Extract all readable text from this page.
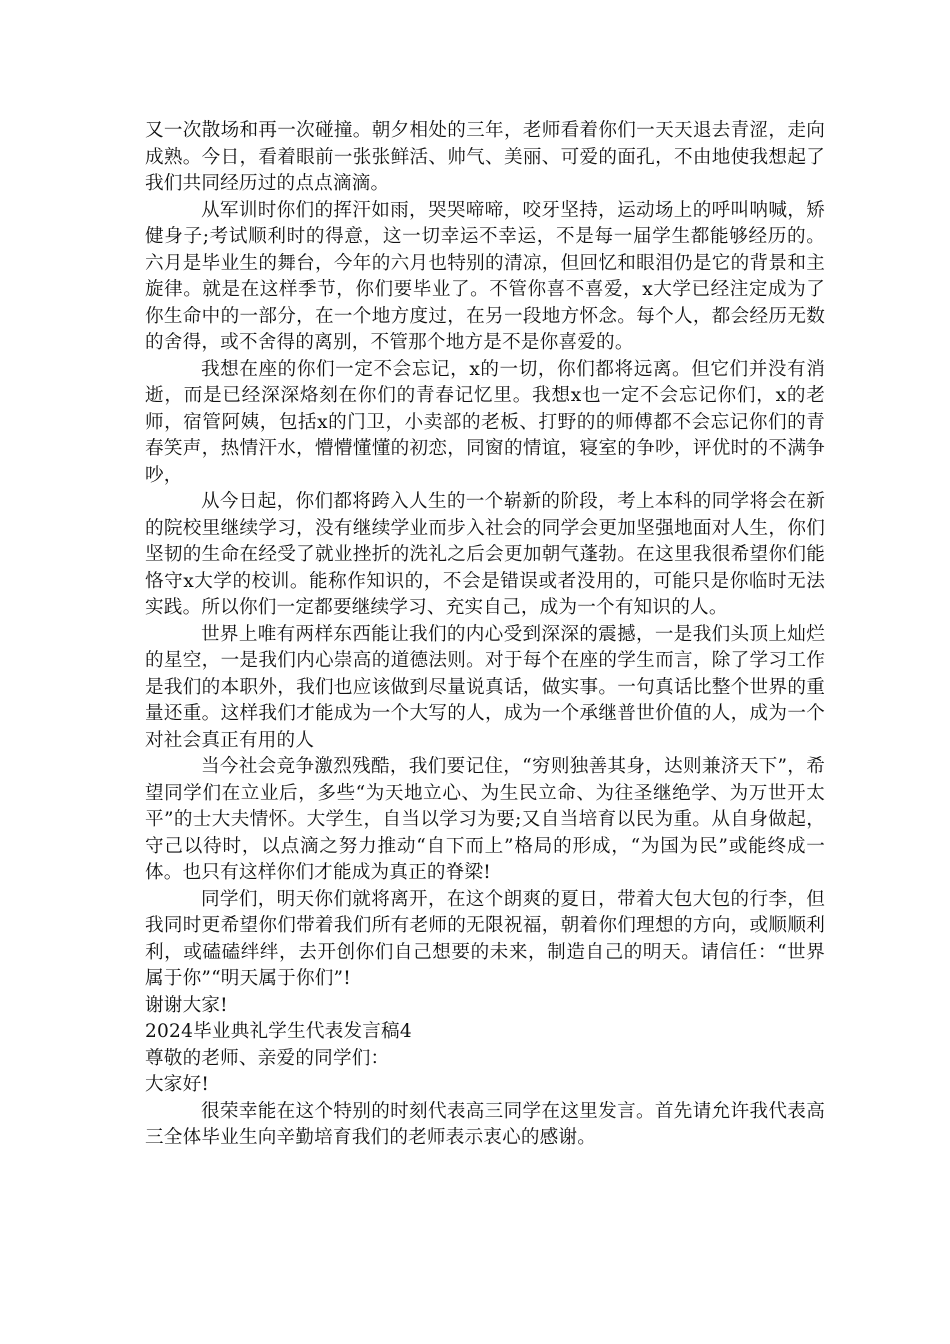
又一次散场和再一次碰撞。朝夕相处的三年，老师看着你们一天天退去青涩，走向成熟。今日，看着眼前一张张鲜活、帅气、美丽、可爱的面孔，不由地使我想起了我们共同经历过的点点滴滴。

从军训时你们的挥汗如雨，哭哭啼啼，咬牙坚持，运动场上的呼叫呐喊，矫健身子;考试顺利时的得意，这一切幸运不幸运，不是每一届学生都能够经历的。六月是毕业生的舞台，今年的六月也特别的清凉，但回忆和眼泪仍是它的背景和主旋律。就是在这样季节，你们要毕业了。不管你喜不喜爱，x大学已经注定成为了你生命中的一部分，在一个地方度过，在另一段地方怀念。每个人，都会经历无数的舍得，或不舍得的离别，不管那个地方是不是你喜爱的。

我想在座的你们一定不会忘记，x的一切，你们都将远离。但它们并没有消逝，而是已经深深烙刻在你们的青春记忆里。我想x也一定不会忘记你们，x的老师，宿管阿姨，包括x的门卫，小卖部的老板、打野的的师傅都不会忘记你们的青春笑声，热情汗水，懵懵懂懂的初恋，同窗的情谊，寝室的争吵，评优时的不满争吵，

从今日起，你们都将跨入人生的一个崭新的阶段，考上本科的同学将会在新的院校里继续学习，没有继续学业而步入社会的同学会更加坚强地面对人生，你们坚韧的生命在经受了就业挫折的洗礼之后会更加朝气蓬勃。在这里我很希望你们能恪守x大学的校训。能称作知识的，不会是错误或者没用的，可能只是你临时无法实践。所以你们一定都要继续学习、充实自己，成为一个有知识的人。

世界上唯有两样东西能让我们的内心受到深深的震撼，一是我们头顶上灿烂的星空，一是我们内心崇高的道德法则。对于每个在座的学生而言，除了学习工作是我们的本职外，我们也应该做到尽量说真话，做实事。一句真话比整个世界的重量还重。这样我们才能成为一个大写的人，成为一个承继普世价值的人，成为一个对社会真正有用的人

当今社会竞争激烈残酷，我们要记住，“穷则独善其身，达则兼济天下”，希望同学们在立业后，多些“为天地立心、为生民立命、为往圣继绝学、为万世开太平”的士大夫情怀。大学生，自当以学习为要;又自当培育以民为重。从自身做起，守己以待时，以点滴之努力推动“自下而上”格局的形成，“为国为民”或能终成一体。也只有这样你们才能成为真正的脊梁!

同学们，明天你们就将离开，在这个朗爽的夏日，带着大包大包的行李，但我同时更希望你们带着我们所有老师的无限祝福，朝着你们理想的方向，或顺顺利利，或磕磕绊绊，去开创你们自己想要的未来，制造自己的明天。请信任：“世界属于你”“明天属于你们”!

谢谢大家!

2024毕业典礼学生代表发言稿4

尊敬的老师、亲爱的同学们：

大家好!

很荣幸能在这个特别的时刻代表高三同学在这里发言。首先请允许我代表高三全体毕业生向辛勤培育我们的老师表示衷心的感谢。
